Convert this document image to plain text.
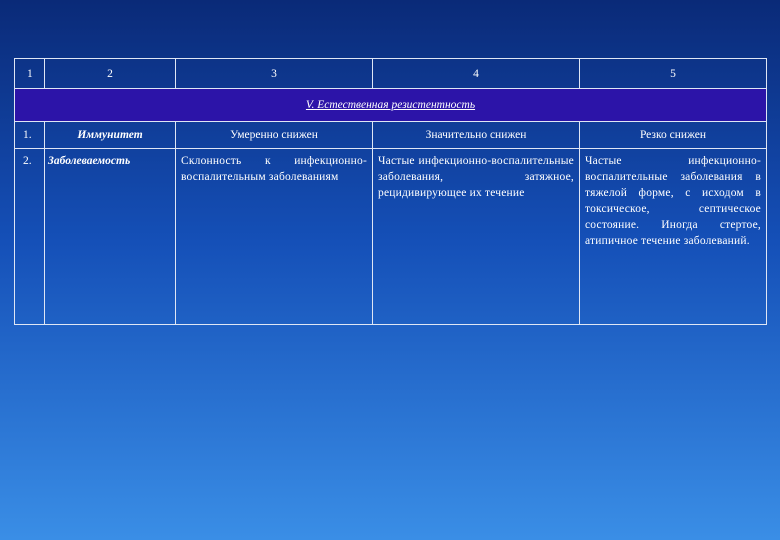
1	2	3	4	5
V. Естественная резистентность				
1.	Иммунитет	Умеренно снижен	Значительно снижен	Резко снижен
2.	Заболеваемость	Склонность к инфекционно-воспалительным заболеваниям	Частые инфекционно-воспалительные заболевания, затяжное, рецидивирующее их течение	Частые инфекционно-воспалительные заболевания в тяжелой форме, с исходом в токсическое, септическое состояние. Иногда стертое, атипичное течение заболеваний.
